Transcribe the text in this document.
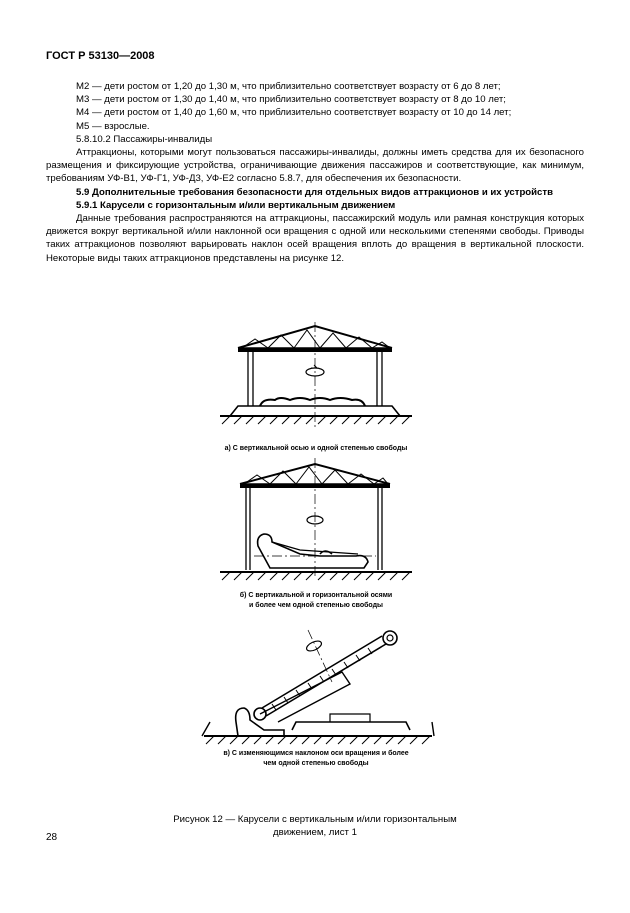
ГОСТ Р 53130—2008
М2 — дети ростом от 1,20 до 1,30 м, что приблизительно соответствует возрасту от 6 до 8 лет;
М3 — дети ростом от 1,30 до 1,40 м, что приблизительно соответствует возрасту от 8 до 10 лет;
М4 — дети ростом от 1,40 до 1,60 м, что приблизительно соответствует возрасту от 10 до 14 лет;
М5 — взрослые.
5.8.10.2 Пассажиры-инвалиды
Аттракционы, которыми могут пользоваться пассажиры-инвалиды, должны иметь средства для их безопасного размещения и фиксирующие устройства, ограничивающие движения пассажиров и соответствующие, как минимум, требованиям УФ-В1, УФ-Г1, УФ-Д3, УФ-Е2 согласно 5.8.7, для обеспечения их безопасности.
5.9 Дополнительные требования безопасности для отдельных видов аттракционов и их устройств
5.9.1 Карусели с горизонтальным и/или вертикальным движением
Данные требования распространяются на аттракционы, пассажирский модуль или рамная конструкция которых движется вокруг вертикальной и/или наклонной оси вращения с одной или несколькими степенями свободы. Приводы таких аттракционов позволяют варьировать наклон осей вращения вплоть до вращения в вертикальной плоскости. Некоторые виды таких аттракционов представлены на рисунке 12.
а) С вертикальной осью и одной степенью свободы
б) С вертикальной и горизонтальной осями
и более чем одной степенью свободы
в) С изменяющимся наклоном оси вращения и более
чем одной степенью свободы
Рисунок 12 — Карусели с вертикальным и/или горизонтальным
движением, лист 1
28
